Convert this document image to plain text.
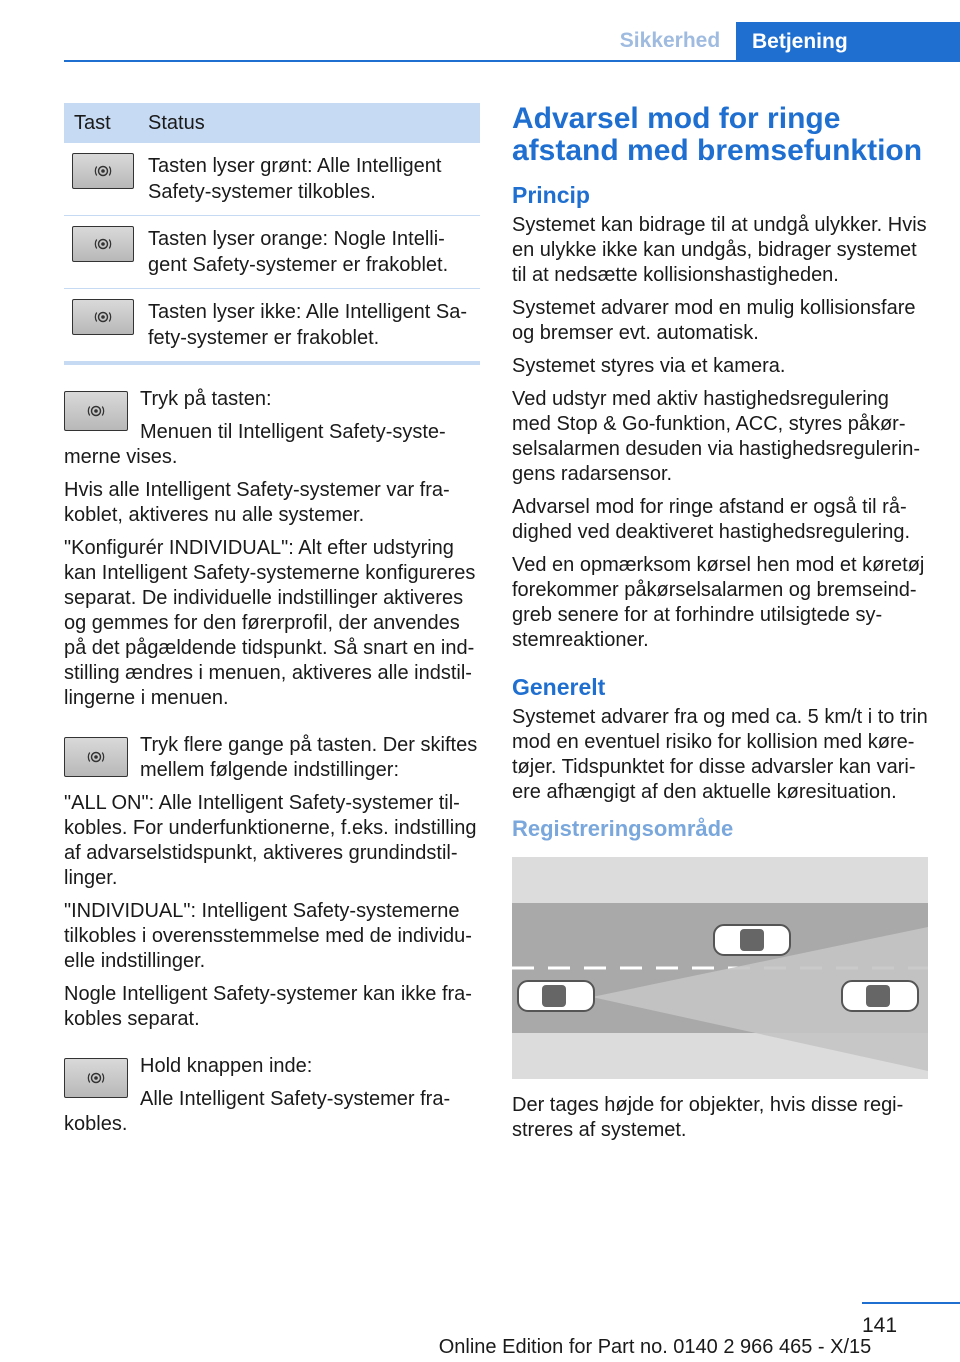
Sikkerhed	Betjening
Tast	Status
Tasten lyser grønt: Alle Intelligent Safety-systemer tilkobles.
Tasten lyser orange: Nogle Intelli-gent Safety-systemer er frakoblet.
Tasten lyser ikke: Alle Intelligent Sa-fety-systemer er frakoblet.

Tryk på tasten:

Menuen til Intelligent Safety-syste-merne vises.

Hvis alle Intelligent Safety-systemer var fra-koblet, aktiveres nu alle systemer.

"Konfigurér INDIVIDUAL": Alt efter udstyring kan Intelligent Safety-systemerne konfigureres separat. De individuelle indstillinger aktiveres og gemmes for den førerprofil, der anvendes på det pågældende tidspunkt. Så snart en ind-stilling ændres i menuen, aktiveres alle indstil-lingerne i menuen.

Tryk flere gange på tasten. Der skiftes mellem følgende indstillinger:

"ALL ON": Alle Intelligent Safety-systemer til-kobles. For underfunktionerne, f.eks. indstilling af advarselstidspunkt, aktiveres grundindstil-linger.

"INDIVIDUAL": Intelligent Safety-systemerne tilkobles i overensstemmelse med de individu-elle indstillinger.

Nogle Intelligent Safety-systemer kan ikke fra-kobles separat.

Hold knappen inde:

Alle Intelligent Safety-systemer fra-kobles.

Advarsel mod for ringe afstand med bremsefunktion
Princip

Systemet kan bidrage til at undgå ulykker. Hvis en ulykke ikke kan undgås, bidrager systemet til at nedsætte kollisionshastigheden.

Systemet advarer mod en mulig kollisionsfare og bremser evt. automatisk.

Systemet styres via et kamera.

Ved udstyr med aktiv hastighedsregulering med Stop & Go-funktion, ACC, styres påkør-selsalarmen desuden via hastighedsregulerin-gens radarsensor.

Advarsel mod for ringe afstand er også til rå-dighed ved deaktiveret hastighedsregulering.

Ved en opmærksom kørsel hen mod et køretøj forekommer påkørselsalarmen og bremseind-greb senere for at forhindre utilsigtede sy-stemreaktioner.

Generelt

Systemet advarer fra og med ca. 5 km/t i to trin mod en eventuel risiko for kollision med køre-tøjer. Tidspunktet for disse advarsler kan vari-ere afhængigt af den aktuelle køresituation.

Registreringsområde

Der tages højde for objekter, hvis disse regi-streres af systemet.

141
Online Edition for Part no. 0140 2 966 465 - X/15
